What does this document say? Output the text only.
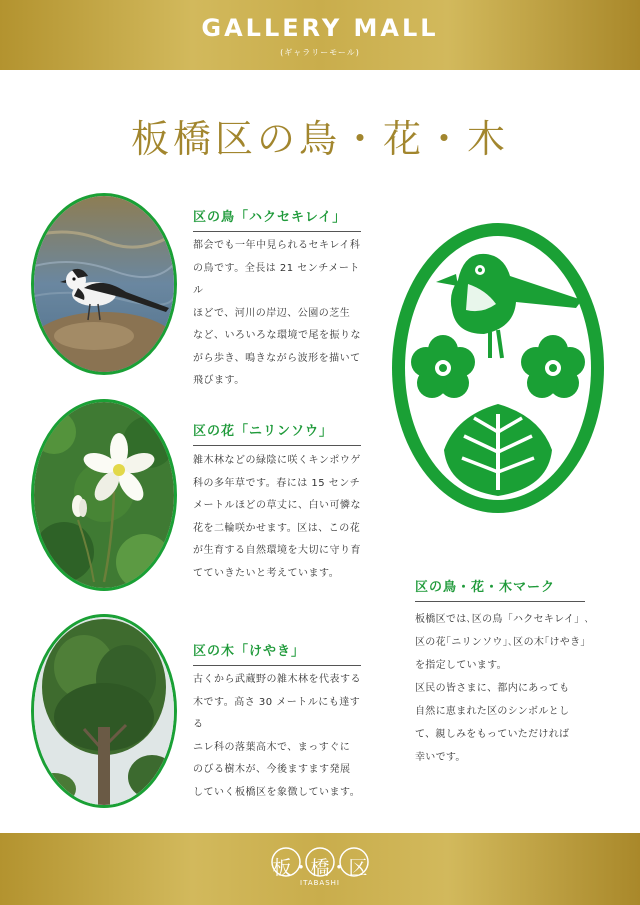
GALLERY MALL
(ギャラリーモール)
板橋区の鳥・花・木
区の鳥「ハクセキレイ」
都会でも一年中見られるセキレイ科
の鳥です。全長は 21 センチメートル
ほどで、河川の岸辺、公園の芝生
など、いろいろな環境で尾を振りな
がら歩き、鳴きながら波形を描いて
飛びます。
区の花「ニリンソウ」
雑木林などの緑陰に咲くキンポウゲ
科の多年草です。春には 15 センチ
メートルほどの草丈に、白い可憐な
花を二輪咲かせます。区は、この花
が生育する自然環境を大切に守り育
てていきたいと考えています。
区の木「けやき」
古くから武蔵野の雑木林を代表する
木です。高さ 30 メートルにも達する
ニレ科の落葉高木で、まっすぐに
のびる樹木が、今後ますます発展
していく板橋区を象徴しています。
区の鳥・花・木マーク
板橋区では､区の鳥「ハクセキレイ」､
区の花｢ニリンソウ｣､区の木｢けやき｣
を指定しています。
区民の皆さまに、都内にあっても
自然に恵まれた区のシンボルとし
て、親しみをもっていただければ
幸いです。
板・橋・区
ITABASHI
